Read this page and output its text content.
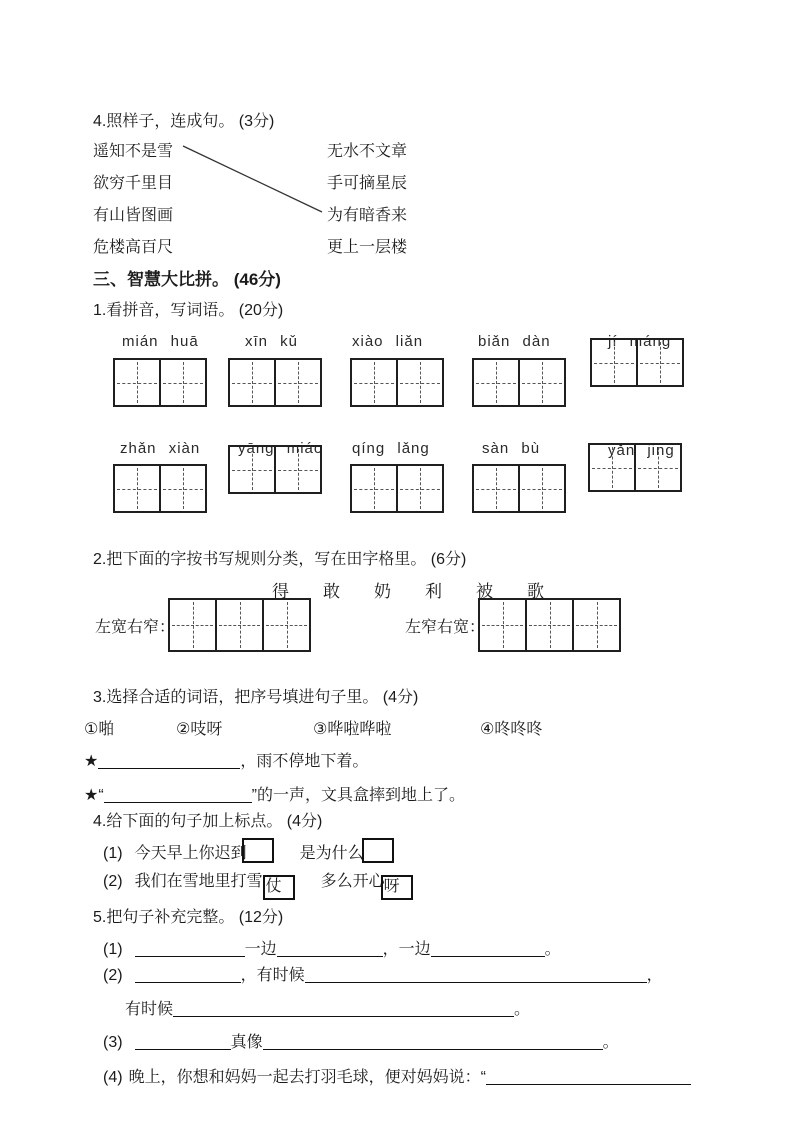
4.照样子，连成句。 (3分)
遥知不是雪
欲穷千里目
有山皆图画
危楼高百尺
无水不文章
手可摘星辰
为有暗香来
更上一层楼
三、智慧大比拼。 (46分)
1.看拼音，写词语。 (20分)
mián huā	xīn kǔ	xiào liǎn	biǎn dàn	jí máng
zhǎn xiàn	yāng miáo qíng lǎng	sàn bù	yǎn jing
2.把下面的字按书写规则分类，写在田字格里。 (6分)
得 敢 奶 利 被 歌
左宽右窄：	左窄右宽：
3.选择合适的词语，把序号填进句子里。 (4分)
①啪	②吱呀	③哗啦哗啦	④咚咚咚
★	，雨不停地下着。
★“	”的一声，文具盒摔到地上了。
4.给下面的句子加上标点。 (4分)
(1) 今天早上你迟到	是为什么
(2) 我们在雪地里打雪 仗	多么开心 呀
5.把句子补充完整。 (12分)
(1)	一边	，一边	。
(2)	，有时候	，
有时候	。
(3)	真像	。
(4) 晚上，你想和妈妈一起去打羽毛球，便对妈妈说：“
